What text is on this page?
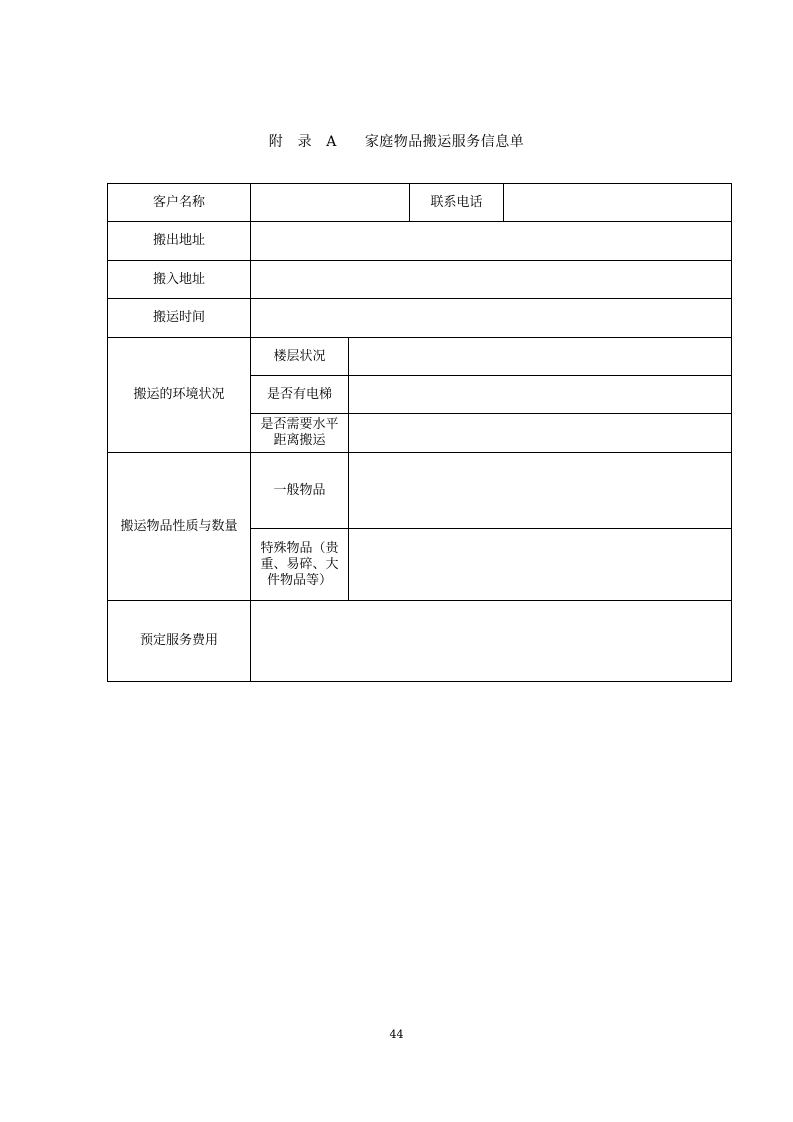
附　录 A 家庭物品搬运服务信息单
客户名称			联系电话	
搬出地址				
搬入地址				
搬运时间				
搬运的环境状况	楼层状况			
	是否有电梯			
	是否需要水平距离搬运			
搬运物品性质与数量	一般物品			
	特殊物品（贵重、易碎、大件物品等）			
预定服务费用				
44
